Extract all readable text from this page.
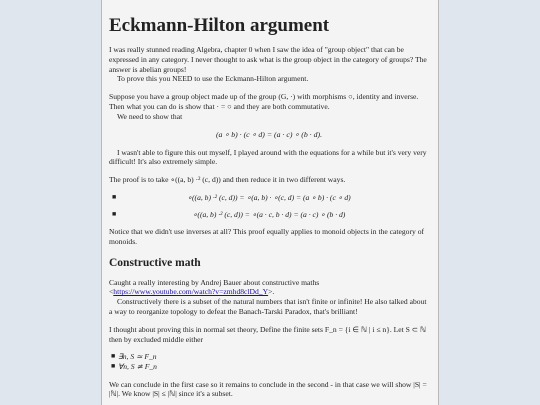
Eckmann-Hilton argument

I was really stunned reading Algebra, chapter 0 when I saw the idea of "group object" that can be expressed in any category. I never thought to ask what is the group object in the category of groups? The answer is abelian groups!
To prove this you NEED to use the Eckmann-Hilton argument.

Suppose you have a group object made up of the group (G, ·) with morphisms ○, identity and inverse. Then what you can do is show that · = ○ and they are both commutative.
We need to show that

(a ∘ b) · (c ∘ d) = (a · c) ∘ (b · d).

I wasn't able to figure this out myself, I played around with the equations for a while but it's very very difficult! It's also extremely simple.

The proof is to take ∘((a, b) ·² (c, d)) and then reduce it in two different ways.

■	∘((a, b) ·² (c, d)) = ∘(a, b) · ∘(c, d) = (a ∘ b) · (c ∘ d)
■	∘((a, b) ·² (c, d)) = ∘(a · c, b · d) = (a · c) ∘ (b · d)

Notice that we didn't use inverses at all? This proof equally applies to monoid objects in the category of monoids.

Constructive math

Caught a really interesting by Andrej Bauer about constructive maths
<https://www.youtube.com/watch?v=zmhd8clDd_Y>.
Constructively there is a subset of the natural numbers that isn't finite or infinite! He also talked about a way to reorganize topology to defeat the Banach-Tarski Paradox, that's brilliant!

I thought about proving this in normal set theory, Define the finite sets F_n = {i ∈ ℕ | i ≤ n}. Let S ⊂ ℕ then by excluded middle either

■ ∃n, S ≃ F_n
■ ∀n, S ≄ F_n

We can conclude in the first case so it remains to conclude in the second - in that case we will show |S| = |ℕ|. We know |S| ≤ |ℕ| since it's a subset.
